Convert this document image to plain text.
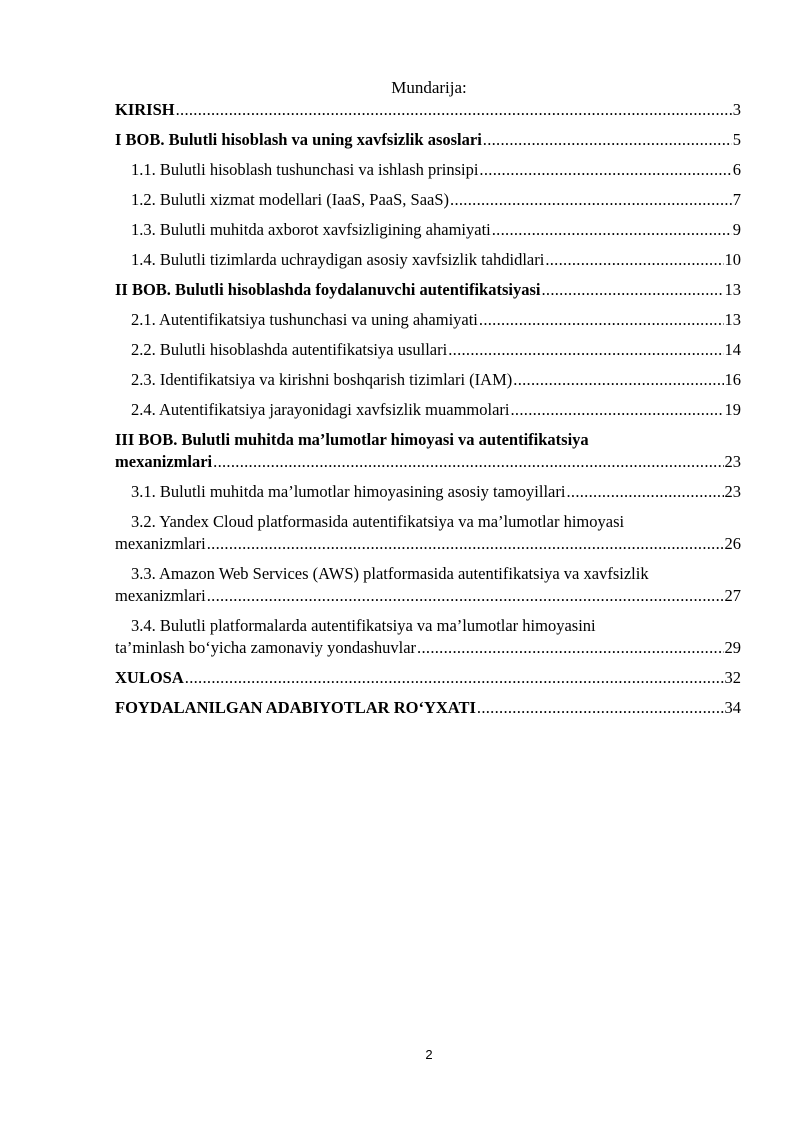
Mundarija:
KIRISH .....	3
I BOB. Bulutli hisoblash va uning xavfsizlik asoslari .....	5
1.1. Bulutli hisoblash tushunchasi va ishlash prinsipi .....	6
1.2. Bulutli xizmat modellari (IaaS, PaaS, SaaS) .....	7
1.3. Bulutli muhitda axborot xavfsizligining ahamiyati .....	9
1.4. Bulutli tizimlarda uchraydigan asosiy xavfsizlik tahdidlari .....	10
II BOB. Bulutli hisoblashda foydalanuvchi autentifikatsiyasi .....	13
2.1. Autentifikatsiya tushunchasi va uning ahamiyati .....	13
2.2. Bulutli hisoblashda autentifikatsiya usullari .....	14
2.3. Identifikatsiya va kirishni boshqarish tizimlari (IAM) .....	16
2.4. Autentifikatsiya jarayonidagi xavfsizlik muammolari .....	19
III BOB. Bulutli muhitda ma’lumotlar himoyasi va autentifikatsiya
mexanizmlari .....	23
3.1. Bulutli muhitda ma’lumotlar himoyasining asosiy tamoyillari .....	23
3.2. Yandex Cloud platformasida autentifikatsiya va ma’lumotlar himoyasi
mexanizmlari .....	26
3.3. Amazon Web Services (AWS) platformasida autentifikatsiya va xavfsizlik
mexanizmlari .....	27
3.4. Bulutli platformalarda autentifikatsiya va ma’lumotlar himoyasini
ta’minlash bo‘yicha zamonaviy yondashuvlar .....	29
XULOSA .....	32
FOYDALANILGAN ADABIYOTLAR RO‘YXATI .....	34
2
